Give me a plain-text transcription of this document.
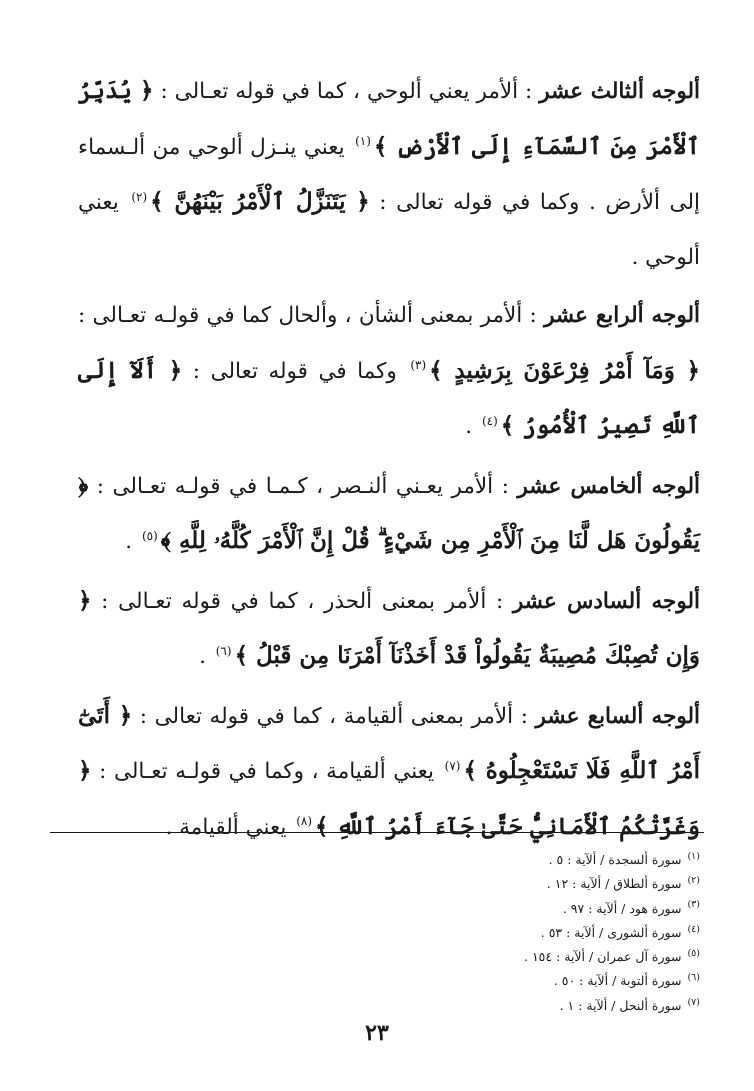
ألوجه ألثالث عشر : ألأمر يعني ألوحي ، كما في قوله تعـالى : ﴿ يُدَبِّرُ ٱلْأَمْرَ مِنَ ٱلسَّمَآءِ إِلَى ٱلْأَرْضِ ﴾$^{(١)}$ يعني ينـزل ألوحي من ألـسماء إلى ألأرض . وكما في قوله تعالى : ﴿ يَتَنَزَّلُ ٱلْأَمْرُ بَيْنَهُنَّ ﴾$^{(٢)}$ يعني ألوحي .

ألوجه ألرابع عشر : ألأمر بمعنى ألشأن ، وألحال كما في قولـه تعـالى : ﴿ وَمَآ أَمْرُ فِرْعَوْنَ بِرَشِيدٍ ﴾$^{(٣)}$ وكما في قوله تعالى : ﴿ أَلَآ إِلَى ٱللَّهِ تَصِيرُ ٱلْأُمُورُ ﴾$^{(٤)}$ .

ألوجه ألخامس عشر : ألأمر يعـني ألنـصر ، كـمـا في قولـه تعـالى : ﴿ يَقُولُونَ هَل لَّنَا مِنَ ٱلْأَمْرِ مِن شَيْءٍ ۗ قُلْ إِنَّ ٱلْأَمْرَ كُلَّهُۥ لِلَّهِ ﴾$^{(٥)}$ .

ألوجه ألسادس عشر : ألأمر بمعنى ألحذر ، كما في قوله تعـالى : ﴿ وَإِن تُصِبْكَ مُصِيبَةٌ يَقُولُواْ قَدْ أَخَذْنَآ أَمْرَنَا مِن قَبْلُ ﴾$^{(٦)}$ .

ألوجه ألسابع عشر : ألأمر بمعنى ألقيامة ، كما في قوله تعالى : ﴿ أَتَىٰٓ أَمْرُ ٱللَّهِ فَلَا تَسْتَعْجِلُوهُ ﴾$^{(٧)}$ يعني ألقيامة ، وكما في قولـه تعـالى : ﴿ وَغَرَّتْكُمُ ٱلْأَمَانِيُّ حَتَّىٰ جَآءَ أَمْرُ ٱللَّهِ ﴾$^{(٨)}$ يعني ألقيامة .

$^{(١)}$سورة ألسجدة / ألآية : ٥ .
$^{(٢)}$سورة ألطلاق / ألآية : ١٢ .
$^{(٣)}$سورة هود / ألآية : ٩٧ .
$^{(٤)}$سورة ألشورى / ألآية : ٥٣ .
$^{(٥)}$سورة آل عمران / ألآية : ١٥٤ .
$^{(٦)}$سورة ألتوبة / ألآية : ٥٠ .
$^{(٧)}$سورة ألنحل / ألآية : ١ .
٢٣
